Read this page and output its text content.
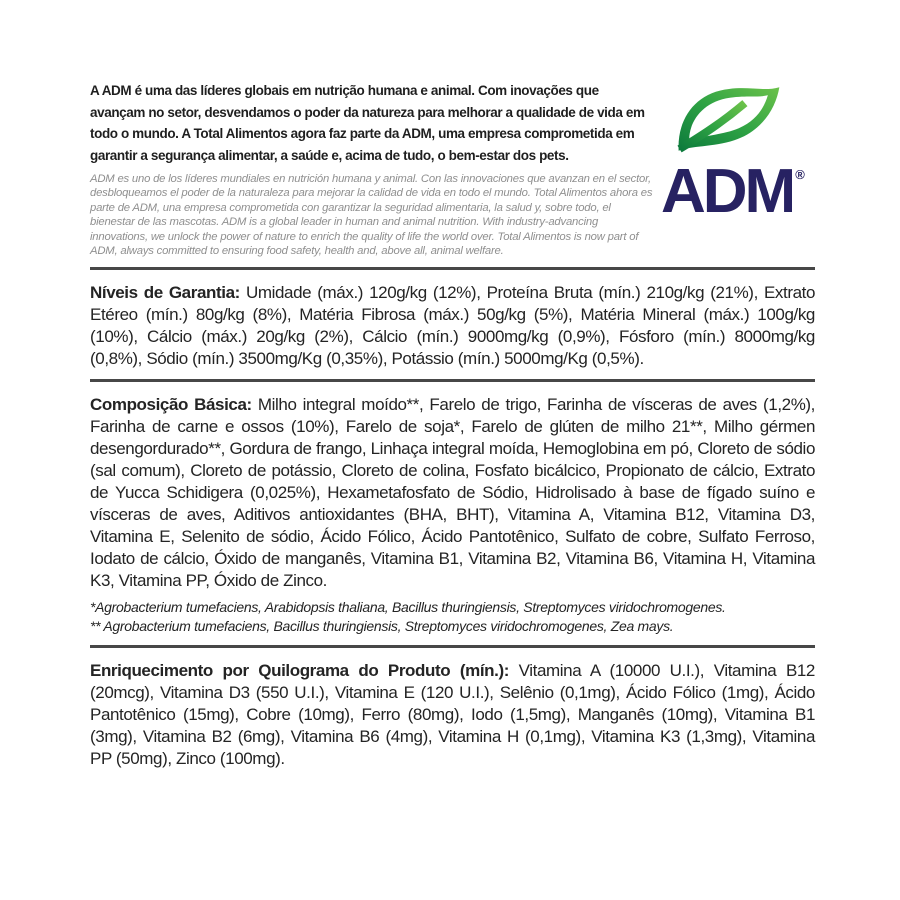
A ADM é uma das líderes globais em nutrição humana e animal. Com inovações que avançam no setor, desvendamos o poder da natureza para melhorar a qualidade de vida em todo o mundo. A Total Alimentos agora faz parte da ADM, uma empresa comprometida em garantir a segurança alimentar, a saúde e, acima de tudo, o bem-estar dos pets.

ADM es uno de los líderes mundiales en nutrición humana y animal. Con las innovaciones que avanzan en el sector, desbloqueamos el poder de la naturaleza para mejorar la calidad de vida en todo el mundo. Total Alimentos ahora es parte de ADM, una empresa comprometida con garantizar la seguridad alimentaria, la salud y, sobre todo, el bienestar de las mascotas. ADM is a global leader in human and animal nutrition. With industry-advancing innovations, we unlock the power of nature to enrich the quality of life the world over. Total Alimentos is now part of ADM, always committed to ensuring food safety, health and, above all, animal welfare.

ADM ®

Níveis de Garantia: Umidade (máx.) 120g/kg (12%), Proteína Bruta (mín.) 210g/kg (21%), Extrato Etéreo (mín.) 80g/kg (8%), Matéria Fibrosa (máx.) 50g/kg (5%), Matéria Mineral (máx.) 100g/kg (10%), Cálcio (máx.) 20g/kg (2%), Cálcio (mín.) 9000mg/kg (0,9%), Fósforo (mín.) 8000mg/kg (0,8%), Sódio (mín.) 3500mg/Kg (0,35%), Potássio (mín.) 5000mg/Kg (0,5%).

Composição Básica: Milho integral moído**, Farelo de trigo, Farinha de vísceras de aves (1,2%), Farinha de carne e ossos (10%), Farelo de soja*, Farelo de glúten de milho 21**, Milho gérmen desengordurado**, Gordura de frango, Linhaça integral moída, Hemoglobina em pó, Cloreto de sódio (sal comum), Cloreto de potássio, Cloreto de colina, Fosfato bicálcico, Propionato de cálcio, Extrato de Yucca Schidigera (0,025%), Hexametafosfato de Sódio, Hidrolisado à base de fígado suíno e vísceras de aves, Aditivos antioxidantes (BHA, BHT), Vitamina A, Vitamina B12, Vitamina D3, Vitamina E, Selenito de sódio, Ácido Fólico, Ácido Pantotênico, Sulfato de cobre, Sulfato Ferroso, Iodato de cálcio, Óxido de manganês, Vitamina B1, Vitamina B2, Vitamina B6, Vitamina H, Vitamina K3, Vitamina PP, Óxido de Zinco.

*Agrobacterium tumefaciens, Arabidopsis thaliana, Bacillus thuringiensis, Streptomyces viridochromogenes.

** Agrobacterium tumefaciens, Bacillus thuringiensis, Streptomyces viridochromogenes, Zea mays.

Enriquecimento por Quilograma do Produto (mín.): Vitamina A (10000 U.I.), Vitamina B12 (20mcg), Vitamina D3 (550 U.I.), Vitamina E (120 U.I.), Selênio (0,1mg), Ácido Fólico (1mg), Ácido Pantotênico (15mg), Cobre (10mg), Ferro (80mg), Iodo (1,5mg), Manganês (10mg), Vitamina B1 (3mg), Vitamina B2 (6mg), Vitamina B6 (4mg), Vitamina H (0,1mg), Vitamina K3 (1,3mg), Vitamina PP (50mg), Zinco (100mg).
